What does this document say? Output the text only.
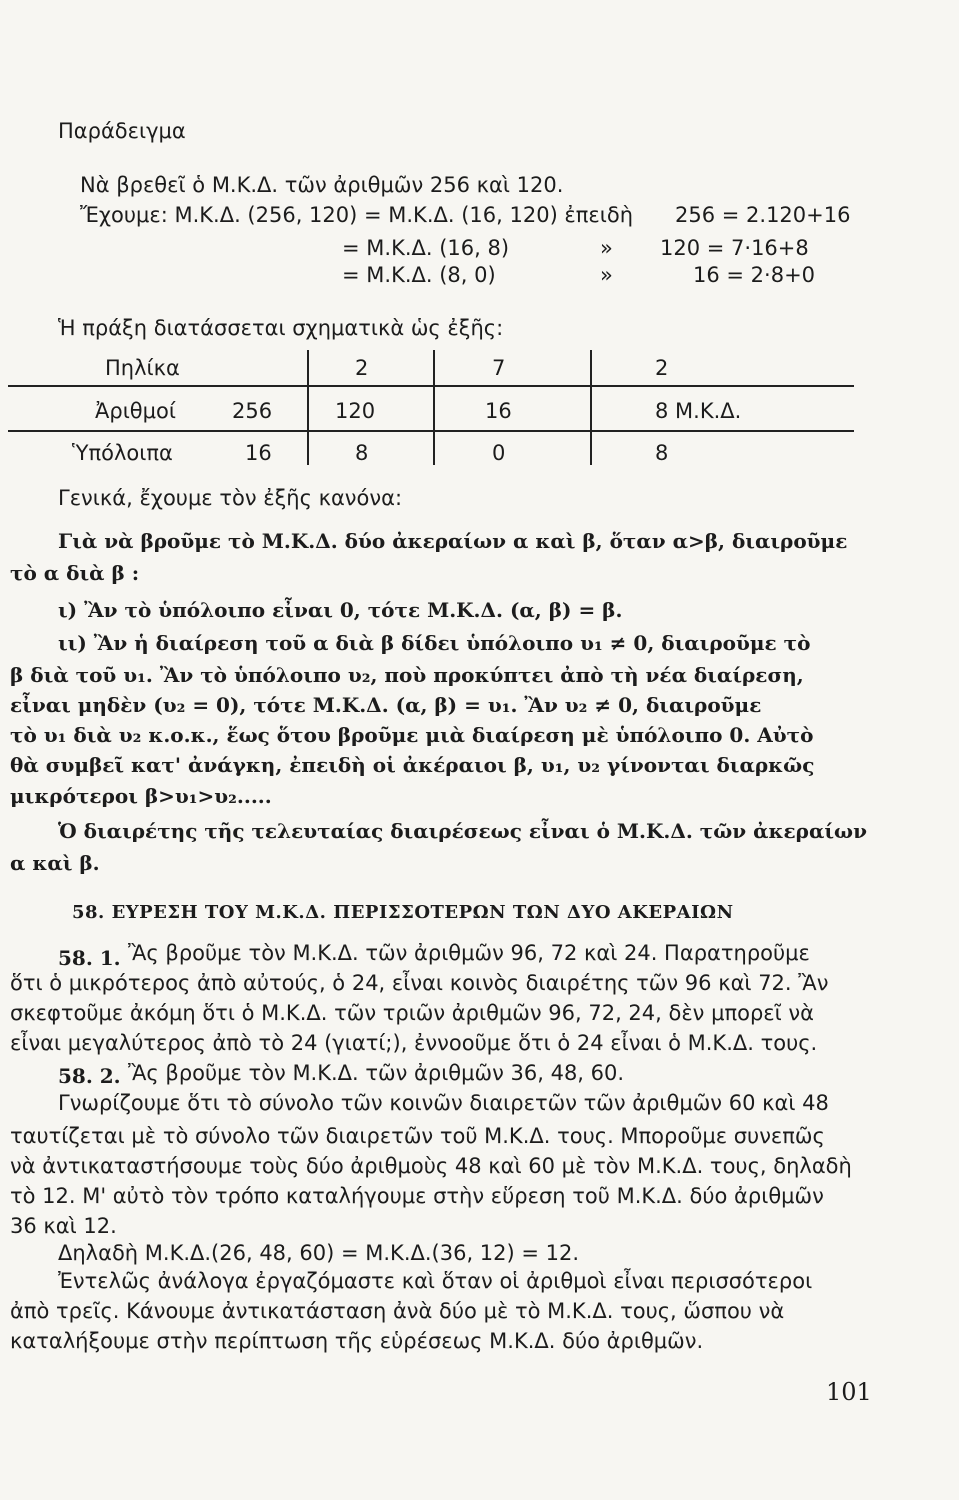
Παράδειγμα
Νὰ βρεθεῖ ὁ Μ.Κ.Δ. τῶν ἀριθμῶν 256 καὶ 120.
Ἔχουμε: Μ.Κ.Δ. (256, 120) = Μ.Κ.Δ. (16, 120) ἐπειδὴ 256 = 2.120+16
= Μ.Κ.Δ. (16, 8)	» 120 = 7·16+8
= Μ.Κ.Δ. (8, 0)	»	16 = 2·8+0
Ἡ πράξη διατάσσεται σχηματικὰ ὡς ἐξῆς:
Πηλίκα	2	7	2
Ἀριθμοί	256	120	16	8 Μ.Κ.Δ.
Ὑπόλοιπα	16	8	0	8
Γενικά, ἔχουμε τὸν ἐξῆς κανόνα:
Γιὰ νὰ βροῦμε τὸ Μ.Κ.Δ. δύο ἀκεραίων α καὶ β, ὅταν α>β, διαιροῦμε
τὸ α διὰ β :
ι) Ἂν τὸ ὑπόλοιπο εἶναι 0, τότε Μ.Κ.Δ. (α, β) = β.
ιι) Ἂν ἡ διαίρεση τοῦ α διὰ β δίδει ὑπόλοιπο υ₁ ≠ 0, διαιροῦμε τὸ
β διὰ τοῦ υ₁. Ἂν τὸ ὑπόλοιπο υ₂, ποὺ προκύπτει ἀπὸ τὴ νέα διαίρεση,
εἶναι μηδὲν (υ₂ = 0), τότε Μ.Κ.Δ. (α, β) = υ₁. Ἂν υ₂ ≠ 0, διαιροῦμε
τὸ υ₁ διὰ υ₂ κ.ο.κ., ἕως ὅτου βροῦμε μιὰ διαίρεση μὲ ὑπόλοιπο 0. Αὐτὸ
θὰ συμβεῖ κατ' ἀνάγκη, ἐπειδὴ οἱ ἀκέραιοι β, υ₁, υ₂ γίνονται διαρκῶς
μικρότεροι β>υ₁>υ₂.....
Ὁ διαιρέτης τῆς τελευταίας διαιρέσεως εἶναι ὁ Μ.Κ.Δ. τῶν ἀκεραίων
α καὶ β.
58. ΕΥΡΕΣΗ ΤΟΥ Μ.Κ.Δ. ΠΕΡΙΣΣΟΤΕΡΩΝ ΤΩΝ ΔΥΟ ΑΚΕΡΑΙΩΝ
58. 1. Ἂς βροῦμε τὸν Μ.Κ.Δ. τῶν ἀριθμῶν 96, 72 καὶ 24. Παρατηροῦμε
ὅτι ὁ μικρότερος ἀπὸ αὐτούς, ὁ 24, εἶναι κοινὸς διαιρέτης τῶν 96 καὶ 72. Ἂν
σκεφτοῦμε ἀκόμη ὅτι ὁ Μ.Κ.Δ. τῶν τριῶν ἀριθμῶν 96, 72, 24, δὲν μπορεῖ νὰ
εἶναι μεγαλύτερος ἀπὸ τὸ 24 (γιατί;), ἐννοοῦμε ὅτι ὁ 24 εἶναι ὁ Μ.Κ.Δ. τους.
58. 2. Ἂς βροῦμε τὸν Μ.Κ.Δ. τῶν ἀριθμῶν 36, 48, 60.
Γνωρίζουμε ὅτι τὸ σύνολο τῶν κοινῶν διαιρετῶν τῶν ἀριθμῶν 60 καὶ 48
ταυτίζεται μὲ τὸ σύνολο τῶν διαιρετῶν τοῦ Μ.Κ.Δ. τους. Μποροῦμε συνεπῶς
νὰ ἀντικαταστήσουμε τοὺς δύο ἀριθμοὺς 48 καὶ 60 μὲ τὸν Μ.Κ.Δ. τους, δηλαδὴ
τὸ 12. Μ' αὐτὸ τὸν τρόπο καταλήγουμε στὴν εὕρεση τοῦ Μ.Κ.Δ. δύο ἀριθμῶν
36 καὶ 12.
Δηλαδὴ Μ.Κ.Δ.(26, 48, 60) = Μ.Κ.Δ.(36, 12) = 12.
Ἐντελῶς ἀνάλογα ἐργαζόμαστε καὶ ὅταν οἱ ἀριθμοὶ εἶναι περισσότεροι
ἀπὸ τρεῖς. Κάνουμε ἀντικατάσταση ἀνὰ δύο μὲ τὸ Μ.Κ.Δ. τους, ὥσπου νὰ
καταλήξουμε στὴν περίπτωση τῆς εὑρέσεως Μ.Κ.Δ. δύο ἀριθμῶν.
101
